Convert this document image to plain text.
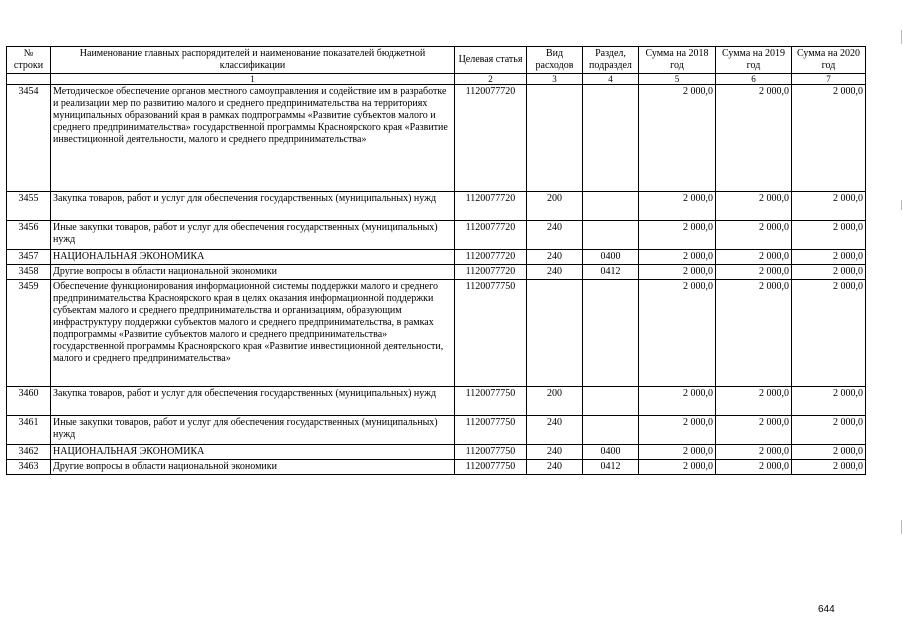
№ строки	Наименование главных распорядителей и наименование показателей бюджетной классификации	Целевая статья	Вид расходов	Раздел, подраздел	Сумма на 2018 год	Сумма на 2019 год	Сумма на 2020 год
	1	2	3	4	5	6	7
3454	Методическое обеспечение органов местного самоуправления и содействие им в разработке и реализации мер по развитию малого и среднего предпринимательства на территориях муниципальных образований края в рамках подпрограммы «Развитие субъектов малого и среднего предпринимательства» государственной программы Красноярского края «Развитие инвестиционной деятельности, малого и среднего предпринимательства»	1120077720			2 000,0	2 000,0	2 000,0
3455	Закупка товаров, работ и услуг для обеспечения государственных (муниципальных) нужд	1120077720	200		2 000,0	2 000,0	2 000,0
3456	Иные закупки товаров, работ и услуг для обеспечения государственных (муниципальных) нужд	1120077720	240		2 000,0	2 000,0	2 000,0
3457	НАЦИОНАЛЬНАЯ ЭКОНОМИКА	1120077720	240	0400	2 000,0	2 000,0	2 000,0
3458	Другие вопросы в области национальной экономики	1120077720	240	0412	2 000,0	2 000,0	2 000,0
3459	Обеспечение функционирования информационной системы поддержки малого и среднего предпринимательства Красноярского края в целях оказания информационной поддержки субъектам малого и среднего предпринимательства и организациям, образующим инфраструктуру поддержки субъектов малого и среднего предпринимательства, в рамках подпрограммы «Развитие субъектов малого и среднего предпринимательства» государственной программы Красноярского края «Развитие инвестиционной деятельности, малого и среднего предпринимательства»	1120077750			2 000,0	2 000,0	2 000,0
3460	Закупка товаров, работ и услуг для обеспечения государственных (муниципальных) нужд	1120077750	200		2 000,0	2 000,0	2 000,0
3461	Иные закупки товаров, работ и услуг для обеспечения государственных (муниципальных) нужд	1120077750	240		2 000,0	2 000,0	2 000,0
3462	НАЦИОНАЛЬНАЯ ЭКОНОМИКА	1120077750	240	0400	2 000,0	2 000,0	2 000,0
3463	Другие вопросы в области национальной экономики	1120077750	240	0412	2 000,0	2 000,0	2 000,0
644
